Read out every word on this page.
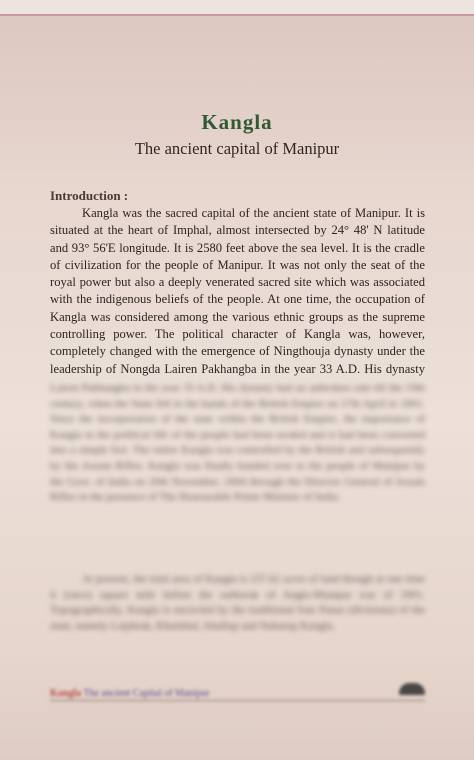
Kangla
The ancient capital of Manipur
Introduction :

Kangla was the sacred capital of the ancient state of Manipur. It is situated at the heart of Imphal, almost intersected by 24° 48' N latitude and 93° 56'E longitude. It is 2580 feet above the sea level. It is the cradle of civilization for the people of Manipur. It was not only the seat of the royal power but also a deeply venerated sacred site which was associated with the indigenous beliefs of the people. At one time, the occupation of Kangla was considered among the various ethnic groups as the supreme controlling power. The political character of Kangla was, however, completely changed with the emergence of Ningthouja dynasty under the leadership of Nongda Lairen Pakhangba in the year 33 A.D. His dynasty

Lairen Pakhangba in the year 33 A.D. His dynasty had an unbroken rule till the 19th century, when the State fell in the hands of the British Empire on 27th April in 1891. Since the incorporation of the state within the British Empire, the importance of Kangla in the political life of the people had been eroded and it had been converted into a simple fort. The entire Kangla was controlled by the British and subsequently by the Assam Rifles. Kangla was finally handed over to the people of Manipur by the Govt. of India on 20th November, 2004 through the Director General of Assam Rifles in the presence of The Honourable Prime Minister of India.

At present, the total area of Kangla is 237.62 acres of land though at one time it (once) square mile before the outbreak of Anglo-Manipur war of 1891. Topographically, Kangla is encircled by the traditional four Panas (divisions) of the state, namely Laiphrak, Khurkhul, Ahallup and Naharup Kangla.

Kangla The ancient Capital of Manipur
